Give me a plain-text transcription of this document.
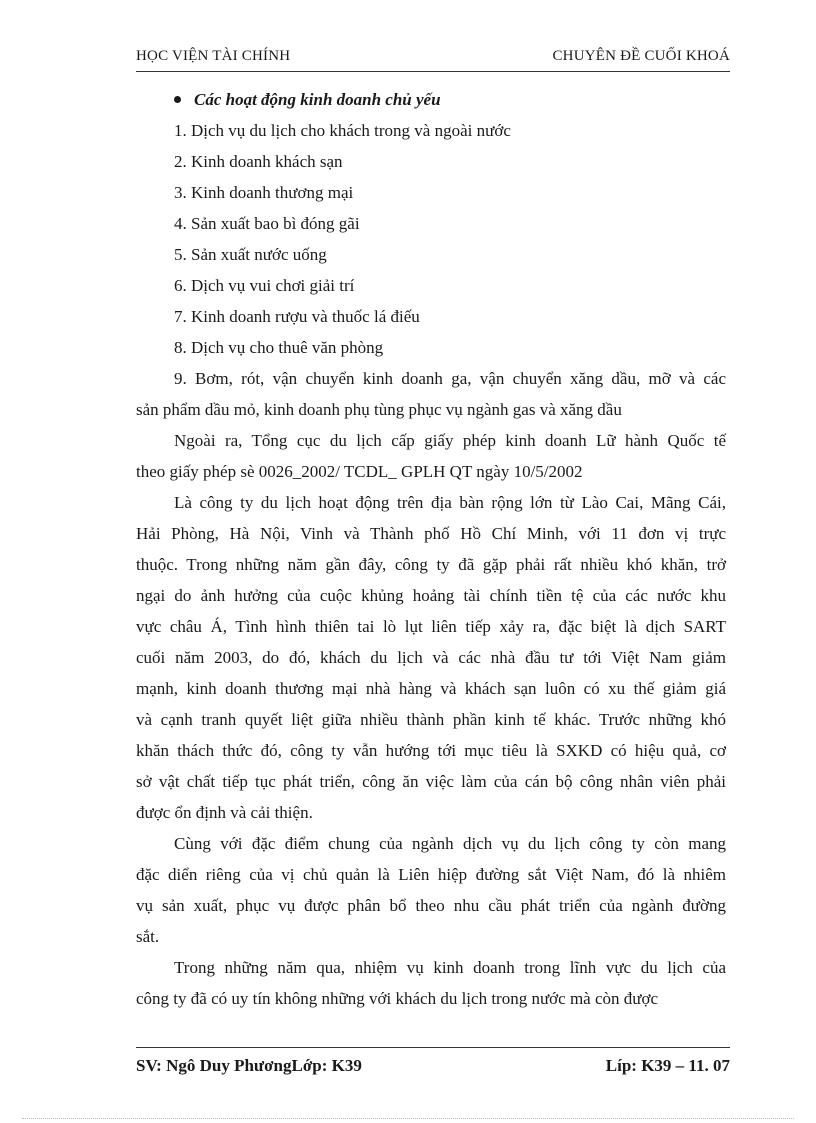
HỌC VIỆN TÀI CHÍNH	CHUYÊN ĐỀ CUỐI KHOÁ
Các hoạt động kinh doanh chủ yếu
1. Dịch vụ du lịch cho khách trong và ngoài nước
2. Kinh doanh khách sạn
3. Kinh doanh thương mại
4. Sản xuất bao bì đóng gãi
5. Sản xuất nước uống
6. Dịch vụ vui chơi giải trí
7. Kinh doanh rượu và thuốc lá điếu
8. Dịch vụ cho thuê văn phòng
9. Bơm, rót, vận chuyển kinh doanh ga, vận chuyển xăng dầu, mỡ và các
sản phẩm dầu mỏ, kinh doanh phụ tùng phục vụ ngành gas và xăng dầu
Ngoài ra, Tổng cục du lịch cấp giấy phép kinh doanh Lữ hành Quốc tế
theo giấy phép sè 0026_2002/ TCDL_ GPLH QT ngày 10/5/2002
Là công ty du lịch hoạt động trên địa bàn rộng lớn từ Lào Cai, Mãng Cái,
Hải Phòng, Hà Nội, Vinh và Thành phố Hồ Chí Minh, với 11 đơn vị trực
thuộc. Trong những năm gần đây, công ty đã gặp phải rất nhiều khó khăn, trở
ngại do ảnh hưởng của cuộc khủng hoảng tài chính tiền tệ của các nước khu
vực châu Á, Tình hình thiên tai lò lụt liên tiếp xảy ra, đặc biệt là dịch SART
cuối năm 2003, do đó, khách du lịch và các nhà đầu tư tới Việt Nam giảm
mạnh, kinh doanh thương mại nhà hàng và khách sạn luôn có xu thế giảm giá
và cạnh tranh quyết liệt giữa nhiều thành phần kinh tế khác. Trước những khó
khăn thách thức đó, công ty vẫn hướng tới mục tiêu là SXKD có hiệu quả, cơ
sở vật chất tiếp tục phát triển, công ăn việc làm của cán bộ công nhân viên phải
được ổn định và cải thiện.
Cùng với đặc điểm chung của ngành dịch vụ du lịch công ty còn mang
đặc diển riêng của vị chủ quản là Liên hiệp đường sắt Việt Nam, đó là nhiêm
vụ sản xuất, phục vụ được phân bổ theo nhu cầu phát triển của ngành đường
sắt.
Trong những năm qua, nhiệm vụ kinh doanh trong lĩnh vực du lịch của
công ty đã có uy tín không những với khách du lịch trong nước mà còn được
SV: Ngô Duy PhươngLớp: K39	Líp: K39 – 11. 07
